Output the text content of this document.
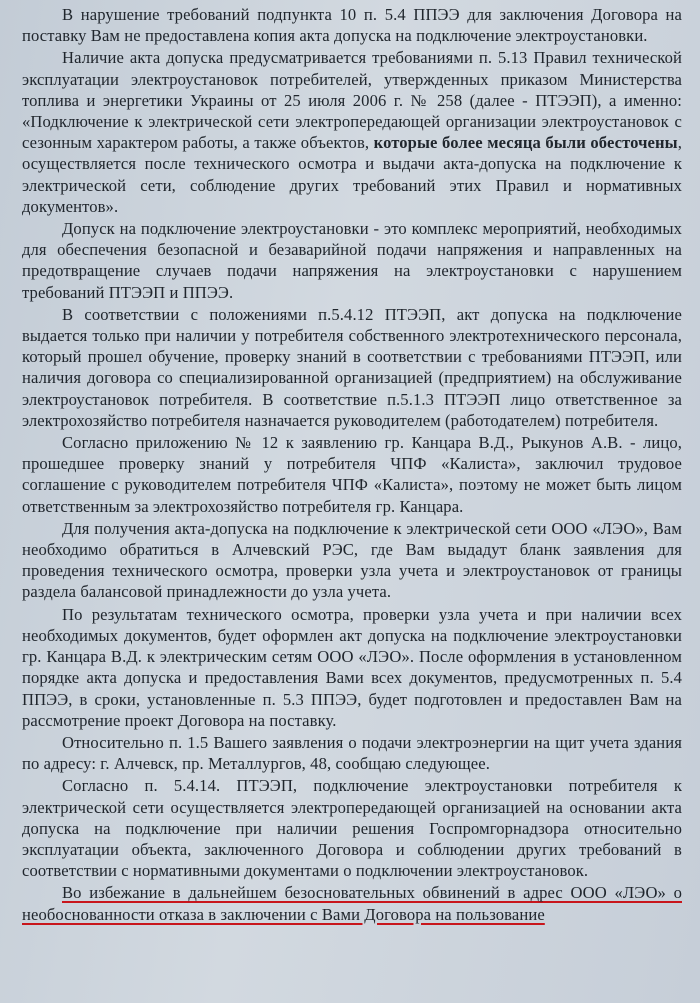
В нарушение требований подпункта 10 п. 5.4 ППЭЭ для заключения Договора на поставку Вам не предоставлена копия акта допуска на подключение электроустановки.

Наличие акта допуска предусматривается требованиями п. 5.13 Правил технической эксплуатации электроустановок потребителей, утвержденных приказом Министерства топлива и энергетики Украины от 25 июля 2006 г. № 258 (далее - ПТЭЭП), а именно: «Подключение к электрической сети электропередающей организации электроустановок с сезонным характером работы, а также объектов, которые более месяца были обесточены, осуществляется после технического осмотра и выдачи акта-допуска на подключение к электрической сети, соблюдение других требований этих Правил и нормативных документов».

Допуск на подключение электроустановки - это комплекс мероприятий, необходимых для обеспечения безопасной и безаварийной подачи напряжения и направленных на предотвращение случаев подачи напряжения на электроустановки с нарушением требований ПТЭЭП и ППЭЭ.

В соответствии с положениями п.5.4.12 ПТЭЭП, акт допуска на подключение выдается только при наличии у потребителя собственного электротехнического персонала, который прошел обучение, проверку знаний в соответствии с требованиями ПТЭЭП, или наличия договора со специализированной организацией (предприятием) на обслуживание электроустановок потребителя. В соответствие п.5.1.3 ПТЭЭП лицо ответственное за электрохозяйство потребителя назначается руководителем (работодателем) потребителя.

Согласно приложению № 12 к заявлению гр. Канцара В.Д., Рыкунов А.В. - лицо, прошедшее проверку знаний у потребителя ЧПФ «Калиста», заключил трудовое соглашение с руководителем потребителя ЧПФ «Калиста», поэтому не может быть лицом ответственным за электрохозяйство потребителя гр. Канцара.

Для получения акта-допуска на подключение к электрической сети ООО «ЛЭО», Вам необходимо обратиться в Алчевский РЭС, где Вам выдадут бланк заявления для проведения технического осмотра, проверки узла учета и электроустановок от границы раздела балансовой принадлежности до узла учета.

По результатам технического осмотра, проверки узла учета и при наличии всех необходимых документов, будет оформлен акт допуска на подключение электроустановки гр. Канцара В.Д. к электрическим сетям ООО «ЛЭО». После оформления в установленном порядке акта допуска и предоставления Вами всех документов, предусмотренных п. 5.4 ППЭЭ, в сроки, установленные п. 5.3 ППЭЭ, будет подготовлен и предоставлен Вам на рассмотрение проект Договора на поставку.

Относительно п. 1.5 Вашего заявления о подачи электроэнергии на щит учета здания по адресу: г. Алчевск, пр. Металлургов, 48, сообщаю следующее.

Согласно п. 5.4.14. ПТЭЭП, подключение электроустановки потребителя к электрической сети осуществляется электропередающей организацией на основании акта допуска на подключение при наличии решения Госпромгорнадзора относительно эксплуатации объекта, заключенного Договора и соблюдении других требований в соответствии с нормативными документами о подключении электроустановок.

Во избежание в дальнейшем безосновательных обвинений в адрес ООО «ЛЭО» о необоснованности отказа в заключении с Вами Договора на пользование
